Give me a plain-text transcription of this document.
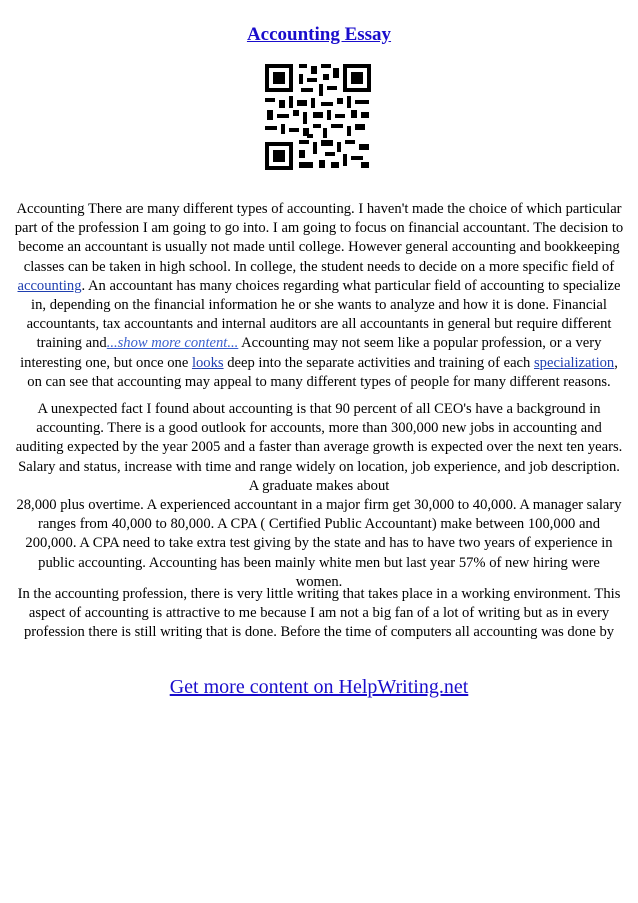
Accounting Essay
Accounting There are many different types of accounting. I haven't made the choice of which particular part of the profession I am going to go into. I am going to focus on financial accountant. The decision to become an accountant is usually not made until college. However general accounting and bookkeeping classes can be taken in high school. In college, the student needs to decide on a more specific field of accounting. An accountant has many choices regarding what particular field of accounting to specialize in, depending on the financial information he or she wants to analyze and how it is done. Financial accountants, tax accountants and internal auditors are all accountants in general but require different training and...show more content... Accounting may not seem like a popular profession, or a very interesting one, but once one looks deep into the separate activities and training of each specialization, on can see that accounting may appeal to many different types of people for many different reasons.
A unexpected fact I found about accounting is that 90 percent of all CEO's have a background in accounting. There is a good outlook for accounts, more than 300,000 new jobs in accounting and auditing expected by the year 2005 and a faster than average growth is expected over the next ten years. Salary and status, increase with time and range widely on location, job experience, and job description. A graduate makes about
28,000 plus overtime. A experienced accountant in a major firm get 30,000 to 40,000. A manager salary ranges from 40,000 to 80,000. A CPA ( Certified Public Accountant) make between 100,000 and 200,000. A CPA need to take extra test giving by the state and has to have two years of experience in public accounting. Accounting has been mainly white men but last year 57% of new hiring were women.
In the accounting profession, there is very little writing that takes place in a working environment. This aspect of accounting is attractive to me because I am not a big fan of a lot of writing but as in every profession there is still writing that is done. Before the time of computers all accounting was done by
Get more content on HelpWriting.net
